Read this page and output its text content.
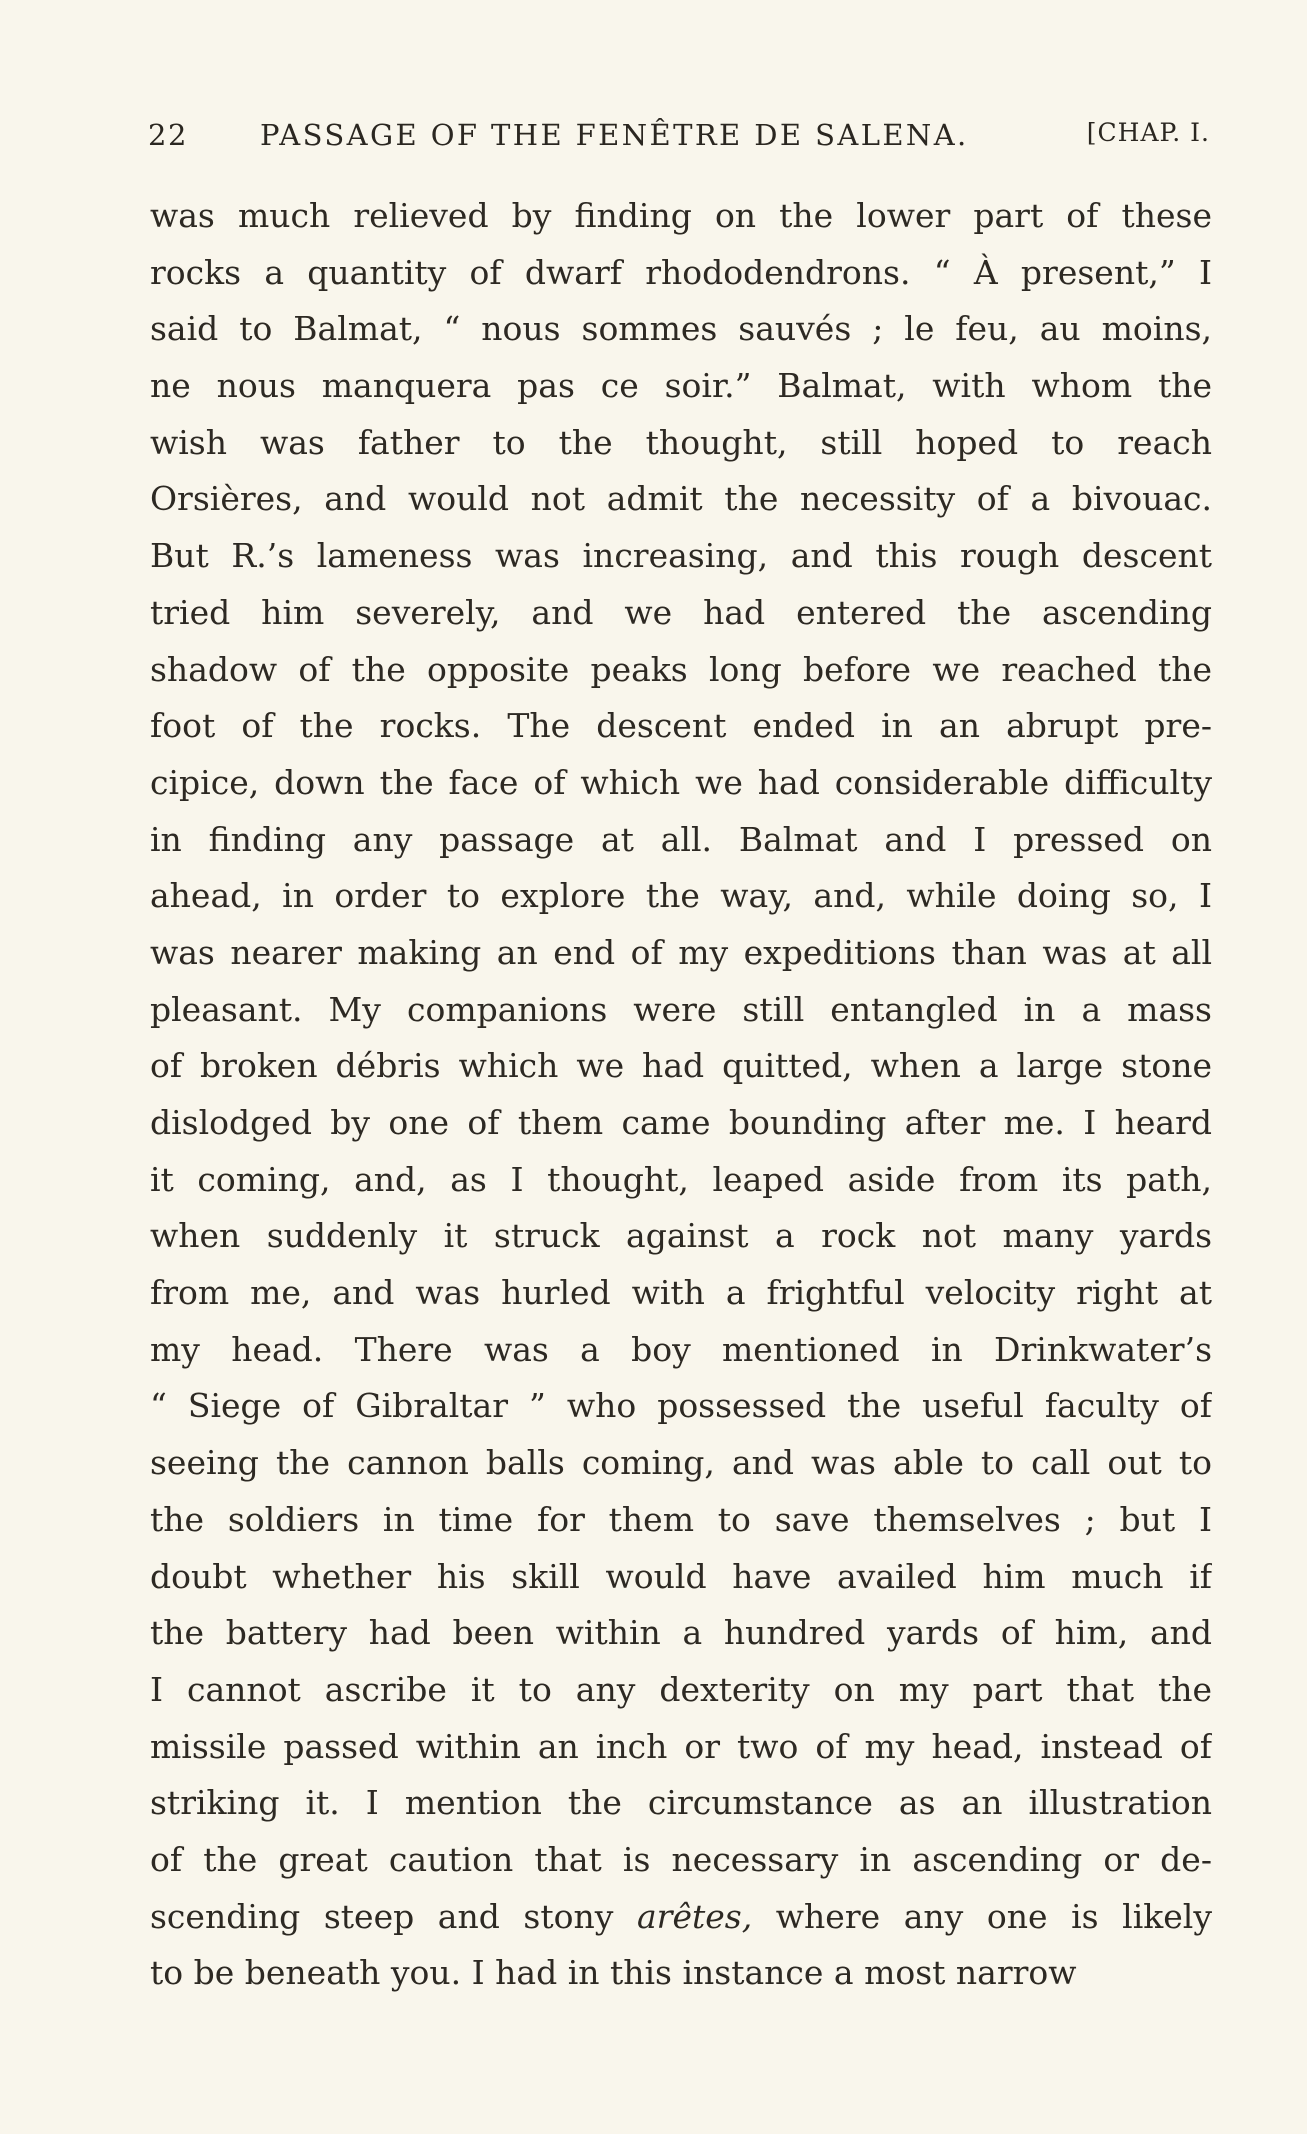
22 PASSAGE OF THE FENÊTRE DE SALENA.	[CHAP. I.
was much relieved by finding on the lower part of these
rocks a quantity of dwarf rhododendrons. “ À present,” I
said to Balmat, “ nous sommes sauvés ; le feu, au moins,
ne nous manquera pas ce soir.” Balmat, with whom the
wish was father to the thought, still hoped to reach
Orsières, and would not admit the necessity of a bivouac.
But R.’s lameness was increasing, and this rough descent
tried him severely, and we had entered the ascending
shadow of the opposite peaks long before we reached the
foot of the rocks. The descent ended in an abrupt pre-
cipice, down the face of which we had considerable difficulty
in finding any passage at all. Balmat and I pressed on
ahead, in order to explore the way, and, while doing so, I
was nearer making an end of my expeditions than was at all
pleasant. My companions were still entangled in a mass
of broken débris which we had quitted, when a large stone
dislodged by one of them came bounding after me. I heard
it coming, and, as I thought, leaped aside from its path,
when suddenly it struck against a rock not many yards
from me, and was hurled with a frightful velocity right at
my head. There was a boy mentioned in Drinkwater’s
“ Siege of Gibraltar ” who possessed the useful faculty of
seeing the cannon balls coming, and was able to call out to
the soldiers in time for them to save themselves ; but I
doubt whether his skill would have availed him much if
the battery had been within a hundred yards of him, and
I cannot ascribe it to any dexterity on my part that the
missile passed within an inch or two of my head, instead of
striking it. I mention the circumstance as an illustration
of the great caution that is necessary in ascending or de-
scending steep and stony arêtes, where any one is likely
to be beneath you. I had in this instance a most narrow
